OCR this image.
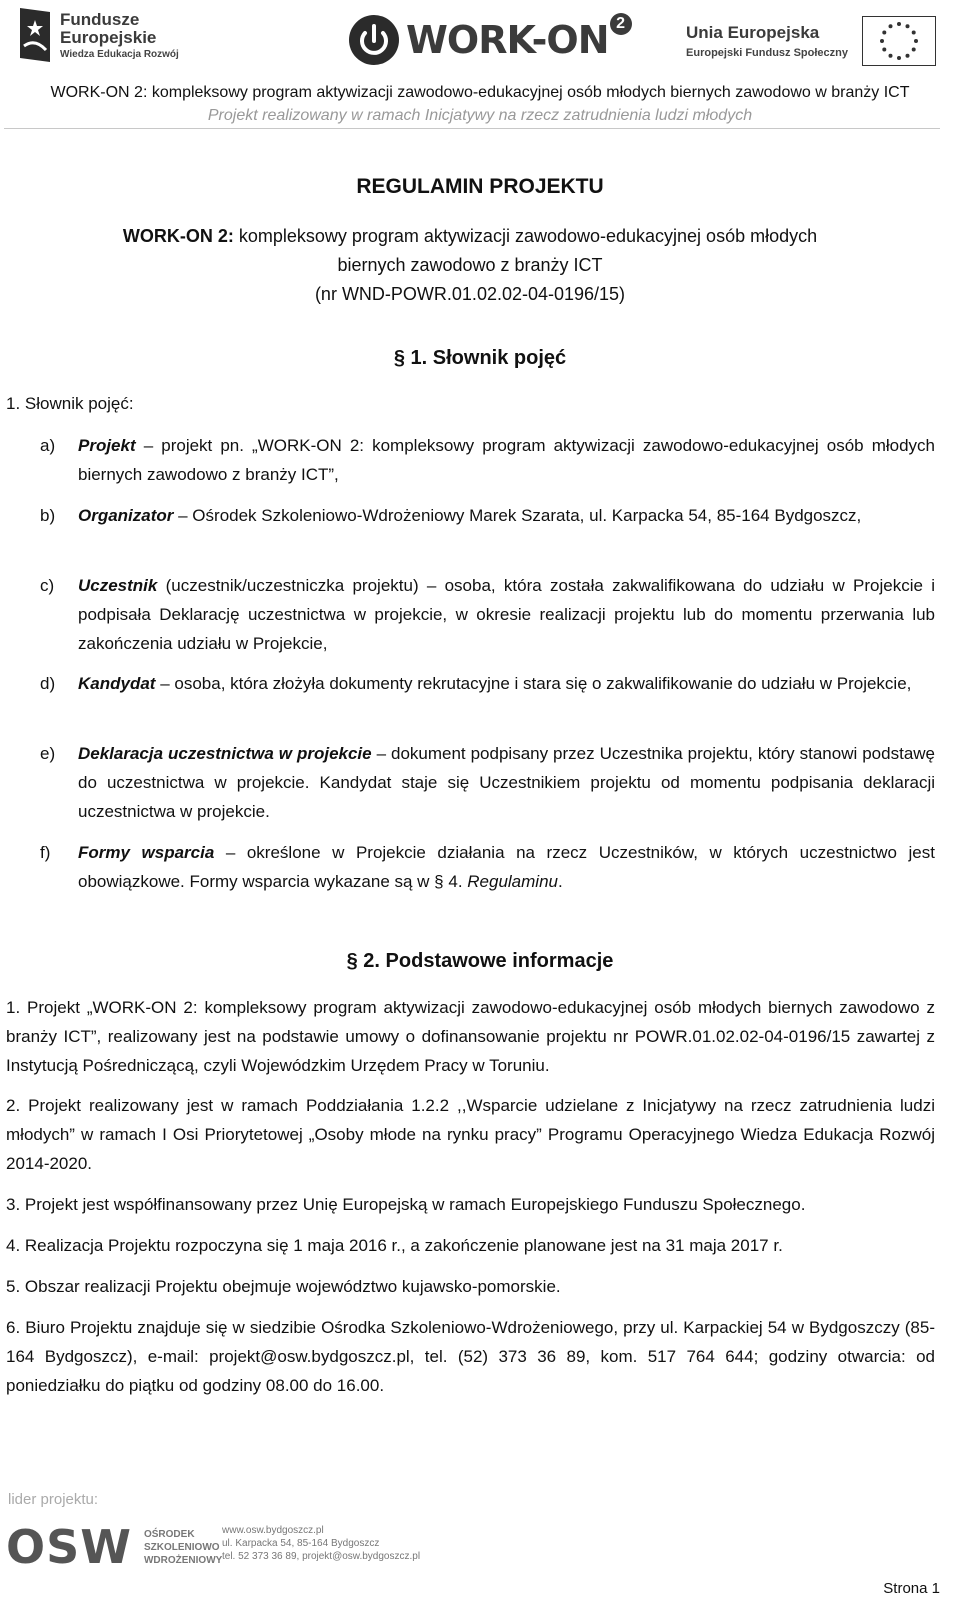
Fundusze
Europejskie
Wiedza Edukacja Rozwój	WORK-ON 2	Unia Europejska
Europejski Fundusz Społeczny
WORK-ON 2: kompleksowy program aktywizacji zawodowo-edukacyjnej osób młodych biernych zawodowo w branży ICT
Projekt realizowany w ramach Inicjatywy na rzecz zatrudnienia ludzi młodych
REGULAMIN PROJEKTU
WORK-ON 2: kompleksowy program aktywizacji zawodowo-edukacyjnej osób młodych
biernych zawodowo z branży ICT
(nr WND-POWR.01.02.02-04-0196/15)
§ 1. Słownik pojęć
1. Słownik pojęć:
a) Projekt – projekt pn. „WORK-ON 2: kompleksowy program aktywizacji zawodowo-edukacyjnej osób młodych biernych zawodowo z branży ICT”,
b) Organizator – Ośrodek Szkoleniowo-Wdrożeniowy Marek Szarata, ul. Karpacka 54, 85-164 Bydgoszcz,
c) Uczestnik (uczestnik/uczestniczka projektu) – osoba, która została zakwalifikowana do udziału w Projekcie i podpisała Deklarację uczestnictwa w projekcie, w okresie realizacji projektu lub do momentu przerwania lub zakończenia udziału w Projekcie,
d) Kandydat – osoba, która złożyła dokumenty rekrutacyjne i stara się o zakwalifikowanie do udziału w Projekcie,
e) Deklaracja uczestnictwa w projekcie – dokument podpisany przez Uczestnika projektu, który stanowi podstawę do uczestnictwa w projekcie. Kandydat staje się Uczestnikiem projektu od momentu podpisania deklaracji uczestnictwa w projekcie.
f) Formy wsparcia – określone w Projekcie działania na rzecz Uczestników, w których uczestnictwo jest obowiązkowe. Formy wsparcia wykazane są w § 4. Regulaminu.
§ 2. Podstawowe informacje
1. Projekt „WORK-ON 2: kompleksowy program aktywizacji zawodowo-edukacyjnej osób młodych biernych zawodowo z branży ICT”, realizowany jest na podstawie umowy o dofinansowanie projektu nr POWR.01.02.02-04-0196/15 zawartej z Instytucją Pośredniczącą, czyli Wojewódzkim Urzędem Pracy w Toruniu.
2. Projekt realizowany jest w ramach Poddziałania 1.2.2 ,,Wsparcie udzielane z Inicjatywy na rzecz zatrudnienia ludzi młodych” w ramach I Osi Priorytetowej „Osoby młode na rynku pracy” Programu Operacyjnego Wiedza Edukacja Rozwój 2014-2020.
3. Projekt jest współfinansowany przez Unię Europejską w ramach Europejskiego Funduszu Społecznego.
4. Realizacja Projektu rozpoczyna się 1 maja 2016 r., a zakończenie planowane jest na 31 maja 2017 r.
5. Obszar realizacji Projektu obejmuje województwo kujawsko-pomorskie.
6. Biuro Projektu znajduje się w siedzibie Ośrodka Szkoleniowo-Wdrożeniowego, przy ul. Karpackiej 54 w Bydgoszczy (85-164 Bydgoszcz), e-mail: projekt@osw.bydgoszcz.pl, tel. (52) 373 36 89, kom. 517 764 644; godziny otwarcia: od poniedziałku do piątku od godziny 08.00 do 16.00.
lider projektu:
OSW OŚRODEK
SZKOLENIOWO
WDROŻENIOWY
www.osw.bydgoszcz.pl
ul. Karpacka 54, 85-164 Bydgoszcz
tel. 52 373 36 89, projekt@osw.bydgoszcz.pl
Strona 1
